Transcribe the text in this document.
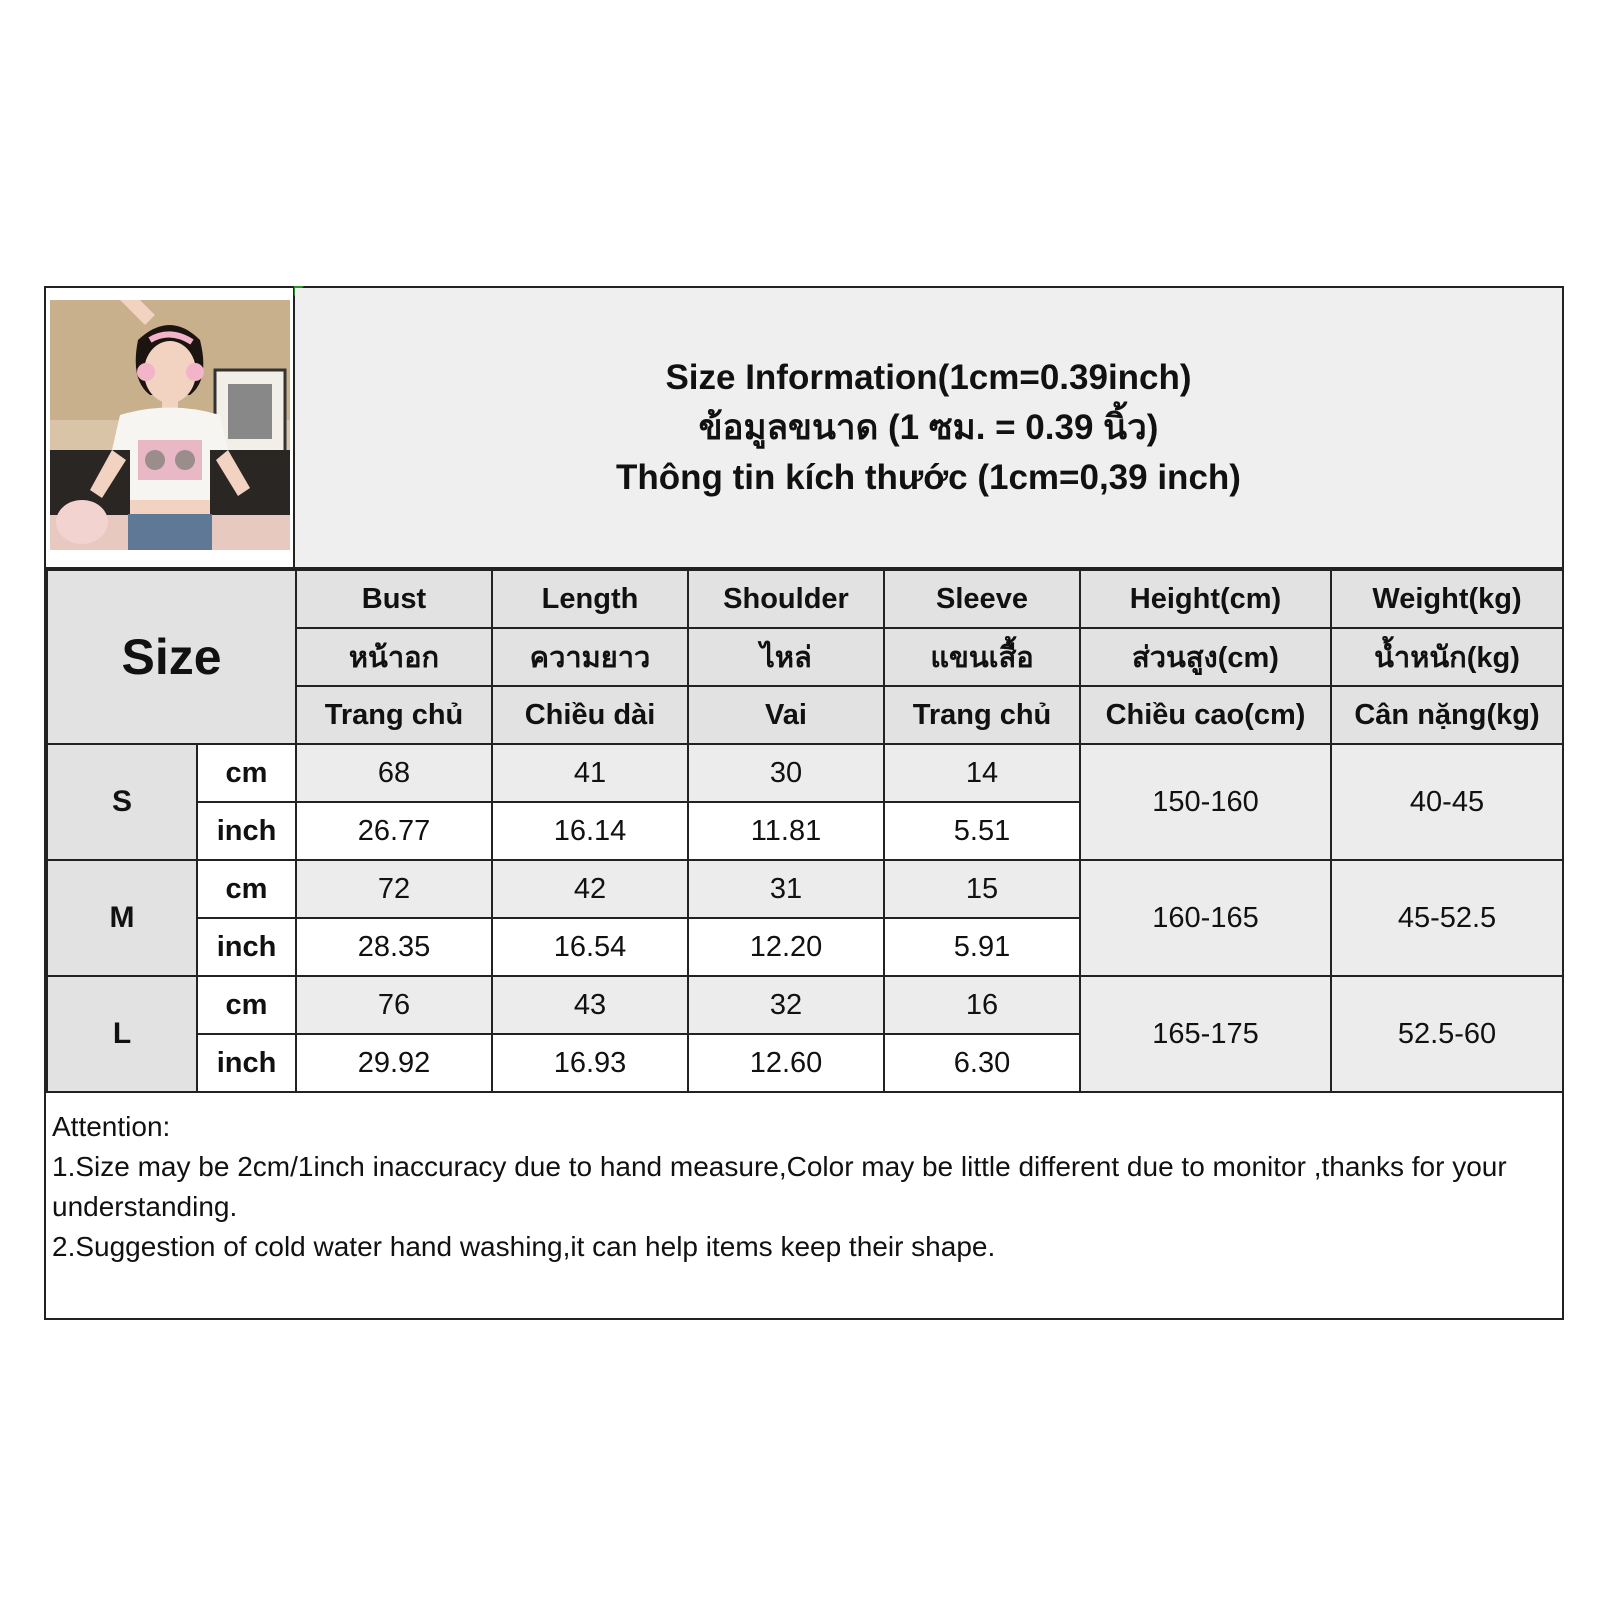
Size Information(1cm=0.39inch)
ข้อมูลขนาด (1 ซม. = 0.39 นิ้ว)
Thông tin kích thước (1cm=0,39 inch)
Size		Bust	Length	Shoulder	Sleeve	Height(cm)	Weight(kg)
		หน้าอก	ความยาว	ไหล่	แขนเสื้อ	ส่วนสูง(cm)	น้ำหนัก(kg)
		Trang chủ	Chiều dài	Vai	Trang chủ	Chiều cao(cm)	Cân nặng(kg)
S	cm	68	41	30	14	150-160	40-45
	inch	26.77	16.14	11.81	5.51		
M	cm	72	42	31	15	160-165	45-52.5
	inch	28.35	16.54	12.20	5.91		
L	cm	76	43	32	16	165-175	52.5-60
	inch	29.92	16.93	12.60	6.30		
Attention:
1.Size may be 2cm/1inch inaccuracy due to hand measure,Color may be little different due to monitor ,thanks for your understanding.
2.Suggestion of cold water hand washing,it can help items keep their shape.
